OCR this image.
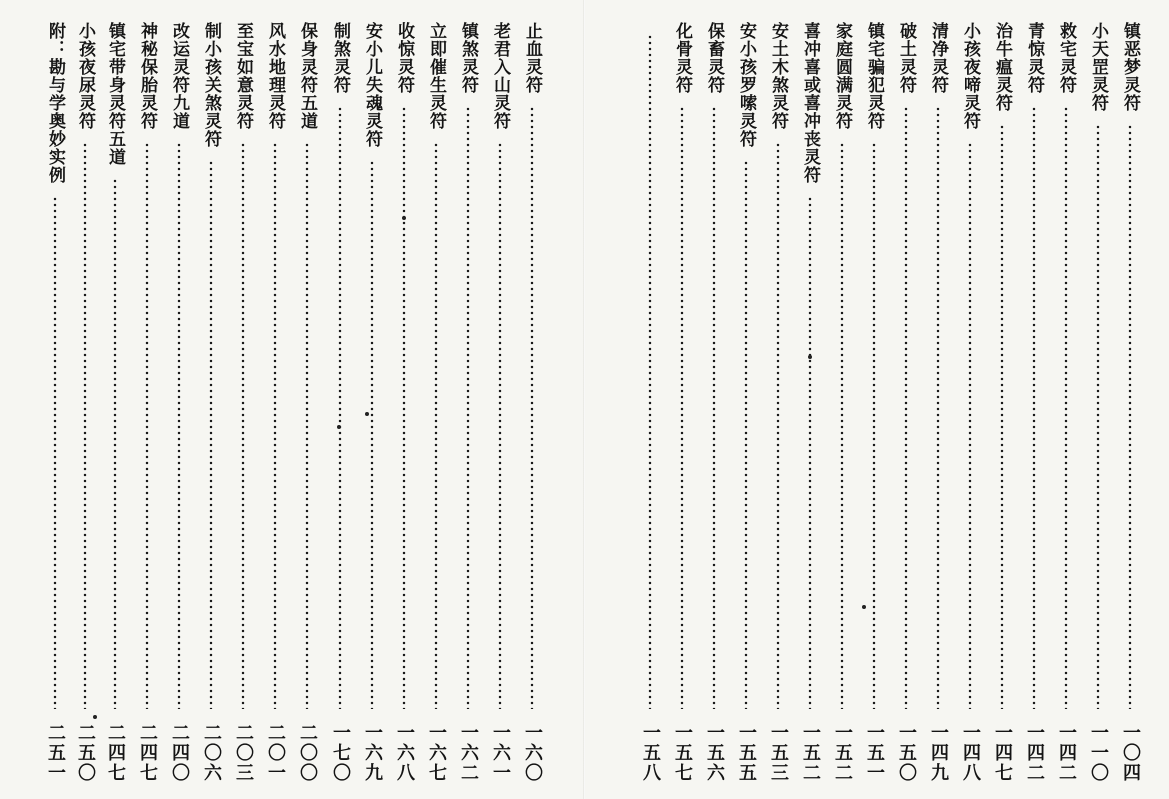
止血灵符
一六〇
老君入山灵符
一六一
镇煞灵符
一六二
立即催生灵符
一六七
收惊灵符
一六八
安小儿失魂灵符
一六九
制煞灵符
一七〇
保身灵符五道
二〇〇
风水地理灵符
二〇一
至宝如意灵符
二〇三
制小孩关煞灵符
二〇六
改运灵符九道
二四〇
神秘保胎灵符
二四七
镇宅带身灵符五道
二四七
小孩夜尿灵符
二五〇
附：勘与学奥妙实例
二五一
镇恶梦灵符
一〇四
小天罡灵符
一一〇
救宅灵符
一四二
青惊灵符
一四二
治牛瘟灵符
一四七
小孩夜啼灵符
一四八
清净灵符
一四九
破土灵符
一五〇
镇宅骗犯灵符
一五一
家庭圆满灵符
一五二
喜冲喜或喜冲丧灵符
一五二
安土木煞灵符
一五三
安小孩罗嗦灵符
一五五
保畜灵符
一五六
化骨灵符
一五七
一五八
